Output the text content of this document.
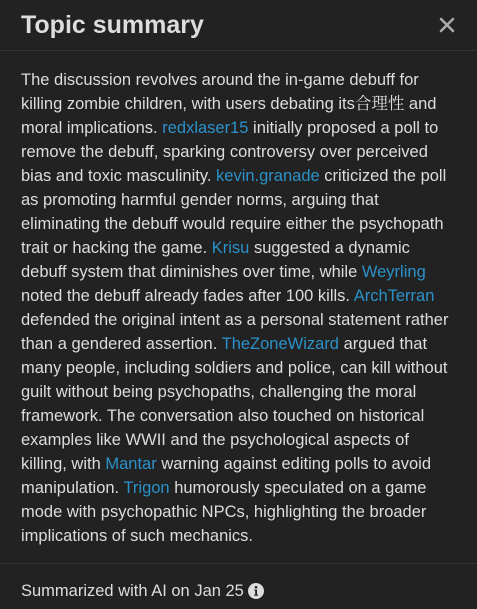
Topic summary

The discussion revolves around the in-game debuff for killing zombie children, with users debating its合理性 and moral implications. redxlaser15 initially proposed a poll to remove the debuff, sparking controversy over perceived bias and toxic masculinity. kevin.granade criticized the poll as promoting harmful gender norms, arguing that eliminating the debuff would require either the psychopath trait or hacking the game. Krisu suggested a dynamic debuff system that diminishes over time, while Weyrling noted the debuff already fades after 100 kills. ArchTerran defended the original intent as a personal statement rather than a gendered assertion. TheZoneWizard argued that many people, including soldiers and police, can kill without guilt without being psychopaths, challenging the moral framework. The conversation also touched on historical examples like WWII and the psychological aspects of killing, with Mantar warning against editing polls to avoid manipulation. Trigon humorously speculated on a game mode with psychopathic NPCs, highlighting the broader implications of such mechanics.

Summarized with AI on Jan 25
